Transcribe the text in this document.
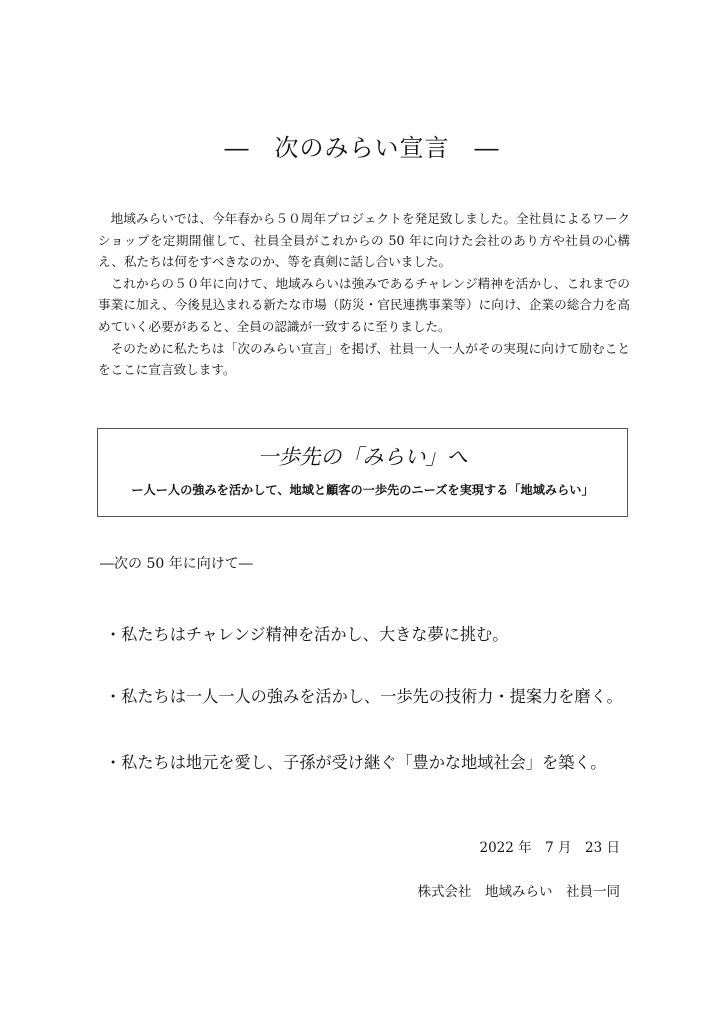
―　次のみらい宣言　―

地域みらいでは、今年春から５０周年プロジェクトを発足致しました。全社員によるワークショップを定期開催して、社員全員がこれからの 50 年に向けた会社のあり方や社員の心構え、私たちは何をすべきなのか、等を真剣に話し合いました。

これからの５０年に向けて、地域みらいは強みであるチャレンジ精神を活かし、これまでの事業に加え、今後見込まれる新たな市場（防災・官民連携事業等）に向け、企業の総合力を高めていく必要があると、全員の認識が一致するに至りました。

そのために私たちは「次のみらい宣言」を掲げ、社員一人一人がその実現に向けて励むことをここに宣言致します。

一歩先の「みらい」へ
ー人ー人の強みを活かして、地域と顧客の一歩先のニーズを実現する「地域みらい」
―次の 50 年に向けて―
・私たちはチャレンジ精神を活かし、大きな夢に挑む。
・私たちは一人一人の強みを活かし、一歩先の技術力・提案力を磨く。
・私たちは地元を愛し、子孫が受け継ぐ「豊かな地域社会」を築く。
2022 年　7 月　23 日
株式会社　地域みらい　社員一同
